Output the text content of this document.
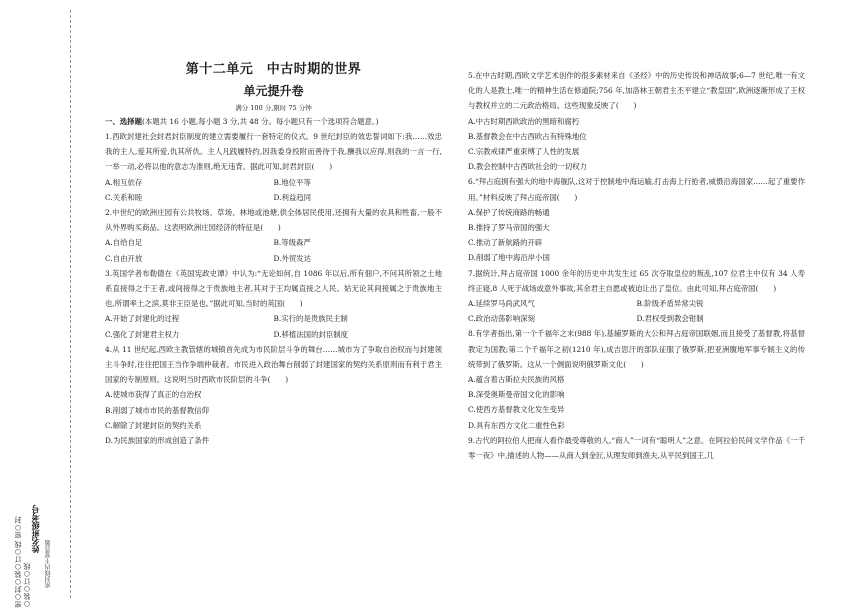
密○封○装○订○线 密○封○装○订○线
姓名班级考号
密封线内不要答题
第十二单元　中古时期的世界
单元提升卷
满分 100 分,限时 75 分钟
一、选择题(本题共 16 小题,每小题 3 分,共 48 分。每小题只有一个选项符合题意。)
1.西欧封建社会封君封臣制度的建立需要履行一套特定的仪式。9 世纪封臣的效忠誓词如下:我……效忠我的主人,爱其所爱,仇其所仇。主人凡践履特约,因我委身投附而善待于我,酬我以应得,则我的一言一行,一举一动,必将以他的意志为准则,绝无违背。据此可知,封君封臣(　　)
A.相互依存	B.地位平等
C.关系和睦	D.利益趋同
2.中世纪的欧洲庄园有公共牧场、草场、林地或池塘,供全体居民使用,还拥有大量的农具和牲畜,一般不从外界购买商品。这表明欧洲庄园经济的特征是(　　)
A.自给自足	B.等级森严
C.自由开放	D.外贸发达
3.英国学者布勒德在《英国宪政史谭》中认为:“无论如何,自 1086 年以后,所有佃户,不问其所领之土地系直接得之于王者,或间接得之于贵族地主者,其对于王均属直接之人民。姑无论其间接属之于贵族地主也,所谓率土之滨,莫非王臣是也。”据此可知,当时的英国(　　)
A.开始了封建化的过程	B.实行的是贵族民主制
C.强化了封建君主权力	D.移植法国的封臣制度
4.从 11 世纪起,西欧主教管辖的城镇首先成为市民阶层斗争的舞台……城市为了争取自治权而与封建领主斗争时,往往把国王当作争端仲裁者。市民进入政治舞台削弱了封建国家的契约关系原则而有利于君主国家的专制原则。这说明当时西欧市民阶层的斗争(　　)
A.使城市获得了真正的自治权
B.削弱了城市市民的基督教信仰
C.解除了封建封臣的契约关系
D.为民族国家的形成创造了条件
5.在中古时期,西欧文学艺术创作的很多素材来自《圣经》中的历史传说和神话故事;6—7 世纪,唯一有文化的人是教士,唯一的精神生活在修道院;756 年,加洛林王朝君主丕平建立“教皇国”,欧洲逐渐形成了王权与教权并立的二元政治格局。这些现象反映了(　　)
A.中古时期西欧政治的黑暗和腐朽
B.基督教会在中古西欧占有特殊地位
C.宗教戒律严重束缚了人性的发展
D.教会控制中古西欧社会的一切权力
6.“拜占庭拥有强大的地中海舰队,这对于控制地中海运输,打击海上行抢者,威慑沿海国家……起了重要作用。”材料反映了拜占庭帝国(　　)
A.保护了传统商路的畅通
B.推持了罗马帝国的强大
C.推动了新航路的开辟
D.削弱了地中海沿岸小国
7.据统计,拜占庭帝国 1000 余年的历史中共发生过 65 次夺取皇位的叛乱,107 位君主中仅有 34 人寿终正寝,8 人死于战场或意外事故,其余君主自愿或被迫让出了皇位。由此可知,拜占庭帝国(　　)
A.延续罗马尚武风气	B.阶级矛盾异常尖锐
C.政治动荡影响深刻	D.君权受到教会钳制
8.有学者指出,第一个千福年之末(988 年),基辅罗斯的大公和拜占庭帝国联姻,而且接受了基督教,将基督教定为国教;第二个千福年之初(1210 年),成吉思汗的部队征服了俄罗斯,把亚洲腹地军事专制主义的传统带到了俄罗斯。这从一个侧面说明俄罗斯文化(　　)
A.蕴含着古斯拉夫民族的风格
B.深受奥斯曼帝国文化的影响
C.使西方基督教文化发生变异
D.具有东西方文化二重性色彩
9.古代的阿拉伯人把商人看作最受尊敬的人,“商人”一词有“聪明人”之意。在阿拉伯民间文学作品《一千零一夜》中,描述的人物——从商人到金匠,从理发师到渔夫,从平民到国王,几
